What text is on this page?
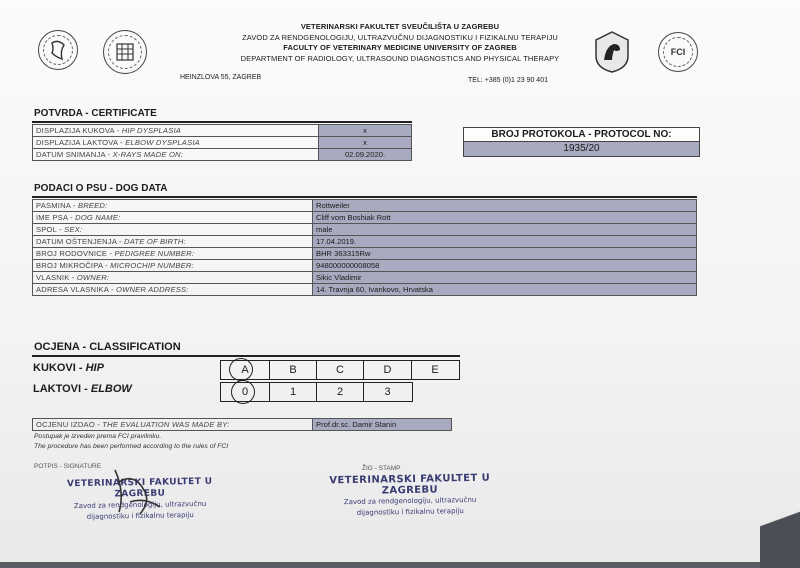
FCI
VETERINARSKI FAKULTET SVEUČILIŠTA U ZAGREBU
ZAVOD ZA RENDGENOLOGIJU, ULTRAZVUČNU DIJAGNOSTIKU I FIZIKALNU TERAPIJU
FACULTY OF VETERINARY MEDICINE UNIVERSITY OF ZAGREB
DEPARTMENT OF RADIOLOGY, ULTRASOUND DIAGNOSTICS AND PHYSICAL THERAPY
HEINZLOVA 55, ZAGREB	TEL: +385 (0)1 23 90 401
POTVRDA - CERTIFICATE
DISPLAZIJA KUKOVA - HIP DYSPLASIA	x
DISPLAZIJA LAKTOVA - ELBOW DYSPLASIA	x
DATUM SNIMANJA - X-RAYS MADE ON:	02.09.2020.
BROJ PROTOKOLA - PROTOCOL NO:
1935/20
PODACI O PSU - DOG DATA
PASMINA - BREED:	Rottweiler
IME PSA - DOG NAME:	Cliff vom Boshiak Rott
SPOL - SEX:	male
DATUM OŠTENJENJA - DATE OF BIRTH:	17.04.2019.
BROJ RODOVNICE - PEDIGREE NUMBER:	BHR 363315Rw
BROJ MIKROČIPA - MICROCHIP NUMBER:	948000000008058
VLASNIK - OWNER:	Sikic Vladimir
ADRESA VLASNIKA - OWNER ADDRESS:	14. Travnja 60, Ivankovo, Hrvatska
OCJENA - CLASSIFICATION
KUKOVI - HIP	A	B	C	D	E
LAKTOVI - ELBOW	0	1	2	3
OCJENU IZDAO - THE EVALUATION WAS MADE BY:	Prof.dr.sc. Damir Stanin
Postupak je izveden prema FCI pravilniku.
The procedure has been performed according to the rules of FCI
POTPIS - SIGNATURE
VETERINARSKI FAKULTET U ZAGREBU
Zavod za rendgenologiju, ultrazvučnu
dijagnostiku i fizikalnu terapiju
ŽIG - STAMP
VETERINARSKI FAKULTET U ZAGREBU
Zavod za rendgenologiju, ultrazvučnu
dijagnostiku i fizikalnu terapiju
